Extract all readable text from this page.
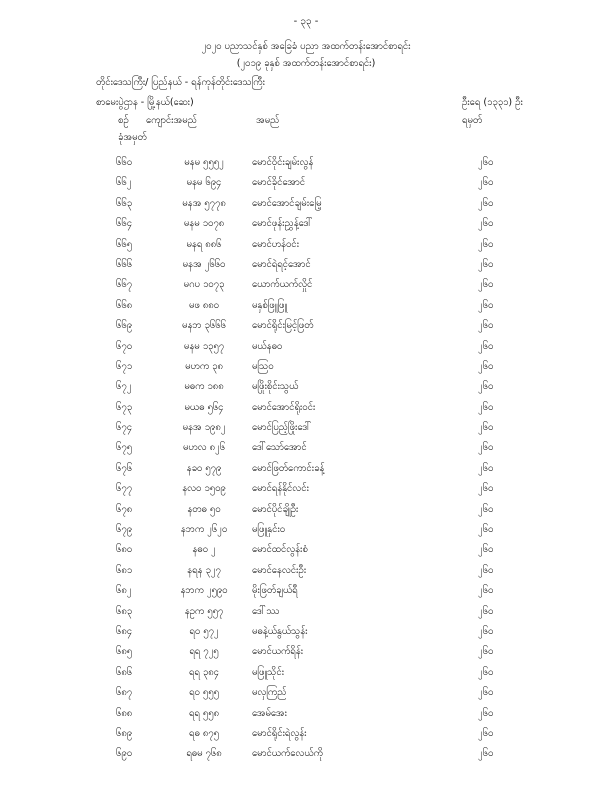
- ၃၃ -
၂၀၂၀ ပညာသင်နှစ် အခြေခံ ပညာ အထက်တန်းအောင်စာရင်း
(၂၀၁၉ ခုနှစ် အထက်တန်းအောင်စာရင်း)
တိုင်းဒေသကြီး/ ပြည်နယ် - ရန်ကုန်တိုင်းဒေသကြီး
စာမေးပွဲဌာန - မြို့နယ်(ဆေး)	ဦးရေ (၁၃၃၁) ဦး
စဉ် ကျောင်းအမည်	အမည်	ရမှတ်
ခုံအမှတ်
၆၆၀	မနမ ၅၅၅၂	မောင်ဝိုင်းချမ်းလွန်	၂၆၀
၆၆၂	မနမ ၆၉၄	မောင်ခိုင်အောင်	၂၆၀
၆၆၃	မနအ ၅၇၇၈	မောင်အောင်ချမ်းမြေ့	၂၆၀
၆၆၄	မနမ ၁၀၇၈	မောင်ဖုန်းညွှန့်ဒေါ်	၂၆၀
၆၆၅	မနရ ၈၈၆	မောင်ဟန်ဝင်း	၂၆၀
၆၆၆	မနအ ၂၆၆၀	မောင်ရဲရင့်အောင်	၂၆၀
၆၆၇	မဂပ ၁၀၇၃	ယောက်ယက်လှိုင်	၂၆၀
၆၆၈	မဖ ၈၈၀	မနှစ်ဖြူဖြူ	၂၆၀
၆၆၉	မနဘ ၃၆၆၆	မောင်ရိုင်းမြင့်ဖြတ်	၂၆၀
၆၇၀	မနမ ၁၃၅၇	မယ်နဓ၀	၂၆၀
၆၇၁	မဟက ၃၈	မဩ၀	၂၆၀
၆၇၂	မဓက ၁၈၈	မဖြိုးစိုင်းသွယ်	၂၆၀
၆၇၃	မယဓ ၅၆၄	မောင်အောင်ရိုးဝင်း	၂၆၀
၆၇၄	မနအ ၁၉၈၂	မောင်ပြည့်ဖြိုးဒေါ်	၂၆၀
၆၇၅	မဟလ ၈၂၆	ဒေါ်သော်အောင်	၂၆၀
၆၇၆	နခ၀ ၅၇၉	မောင်ဖြတ်ကောင်းခန့်	၂၆၀
၆၇၇	နလ၀ ၁၅၀၉	မောင်ရန်နိုင်လင်း	၂၆၀
၆၇၈	နတဓ ၅၀	မောင်ပိုင်ချိုဦး	၂၆၀
၆၇၉	နဘက ၂၆၂၀	မဖြူနှင်း၀	၂၆၀
၆၈၀	နဓ၀ ၂	မောင်ထင်လွန်းစံ	၂၆၀
၆၈၁	နရန ၃၂၇	မောင်နေလင်းဦး	၂၆၀
၆၈၂	နဘက ၂၅၉၀	မိုးဖြတ်ချယ်ရီ	၂၆၀
၆၈၃	နဥက ၅၅၇	ဒေါ်ဿ	၂၆၀
၆၈၄	ရ၀ ၅၇၂	မဓနဲ့ယ်နွယ်သွန်း	၂၆၀
၆၈၅	ရရ ၇၂၅	မောင်ယက်ရိန်း	၂၆၀
၆၈၆	ရရ ၃၈၄	မဖြူသိုင်း	၂၆၀
၆၈၇	ရ၀ ၅၅၅	မလှကြည်	၂၆၀
၆၈၈	ရရ ၅၅၈	အေမ်အေး	၂၆၀
၆၈၉	ရဓ ၈၇၅	မောင်ရိုင်းရဲလွန်း	၂၆၀
၆၉၀	ရဓမ ၇၆၈	မောင်ယက်လေယ်ကို	၂၆၀
